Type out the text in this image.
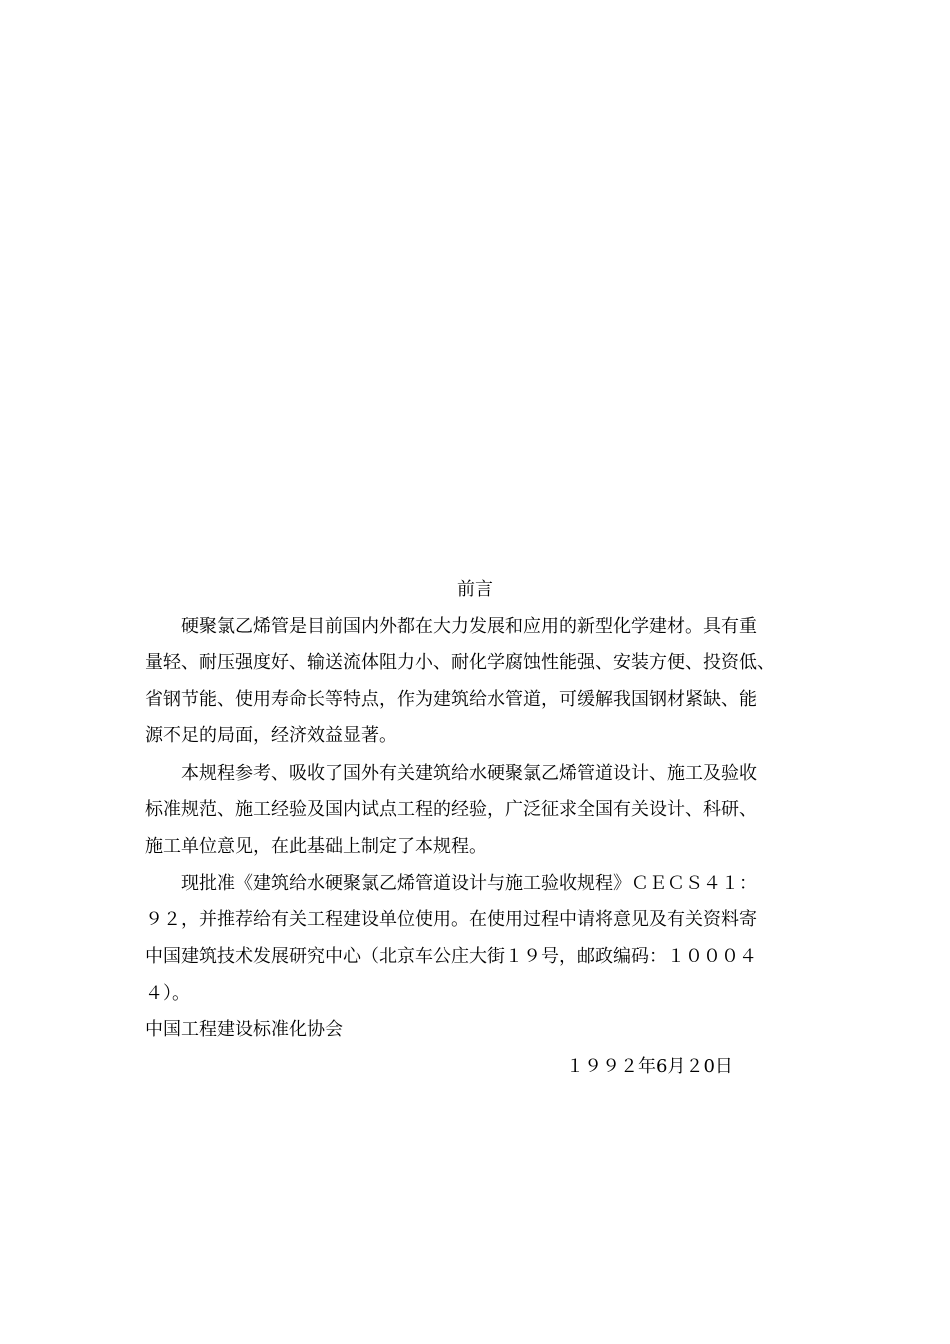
前言
硬聚氯乙烯管是目前国内外都在大力发展和应用的新型化学建材。具有重
量轻、耐压强度好、输送流体阻力小、耐化学腐蚀性能强、安装方便、投资低、
省钢节能、使用寿命长等特点，作为建筑给水管道，可缓解我国钢材紧缺、能
源不足的局面，经济效益显著。
本规程参考、吸收了国外有关建筑给水硬聚氯乙烯管道设计、施工及验收
标准规范、施工经验及国内试点工程的经验，广泛征求全国有关设计、科研、
施工单位意见，在此基础上制定了本规程。
现批准《建筑给水硬聚氯乙烯管道设计与施工验收规程》ＣＥＣＳ４１：
９２，并推荐给有关工程建设单位使用。在使用过程中请将意见及有关资料寄
中国建筑技术发展研究中心（北京车公庄大街１９号，邮政编码：１０００４
４）。
中国工程建设标准化协会
１９９２年6月２0日
